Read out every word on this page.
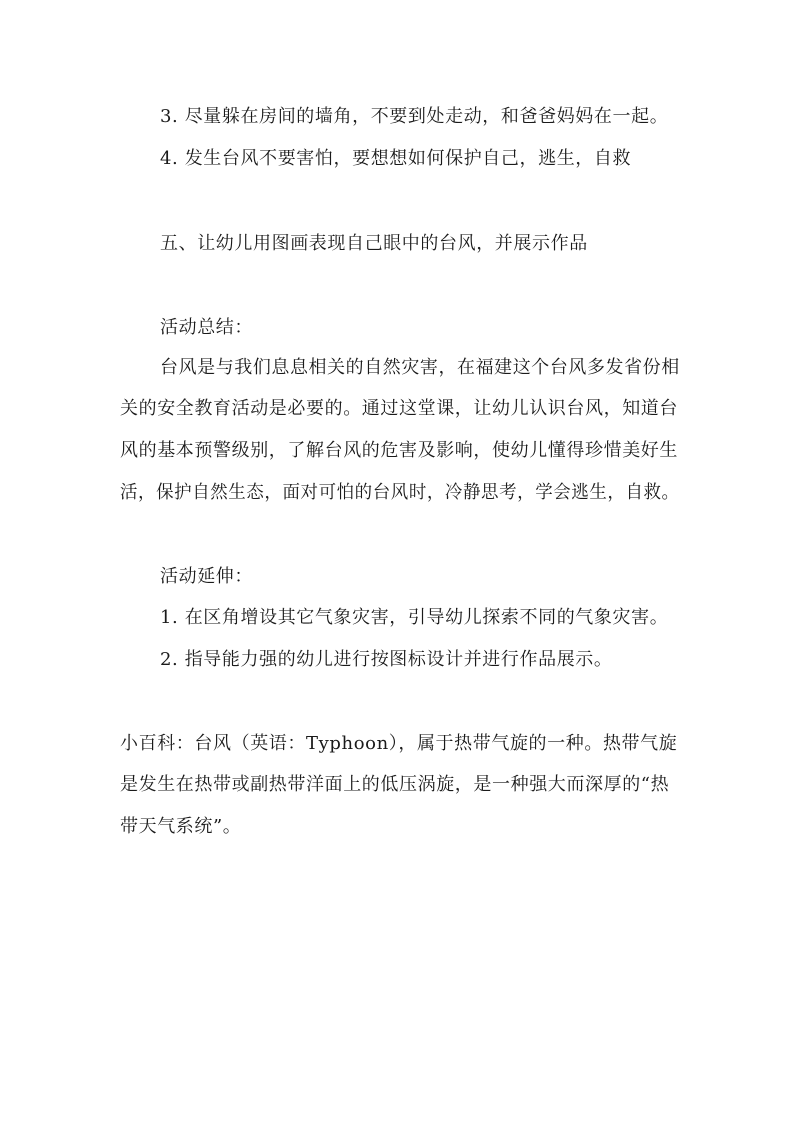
3. 尽量躲在房间的墙角，不要到处走动，和爸爸妈妈在一起。
4. 发生台风不要害怕，要想想如何保护自己，逃生，自救
五、让幼儿用图画表现自己眼中的台风，并展示作品
活动总结：
台风是与我们息息相关的自然灾害，在福建这个台风多发省份相
关的安全教育活动是必要的。通过这堂课，让幼儿认识台风，知道台
风的基本预警级别，了解台风的危害及影响，使幼儿懂得珍惜美好生
活，保护自然生态，面对可怕的台风时，冷静思考，学会逃生，自救。
活动延伸：
1. 在区角增设其它气象灾害，引导幼儿探索不同的气象灾害。
2. 指导能力强的幼儿进行按图标设计并进行作品展示。
小百科：台风（英语：Typhoon），属于热带气旋的一种。热带气旋
是发生在热带或副热带洋面上的低压涡旋，是一种强大而深厚的“热
带天气系统”。
